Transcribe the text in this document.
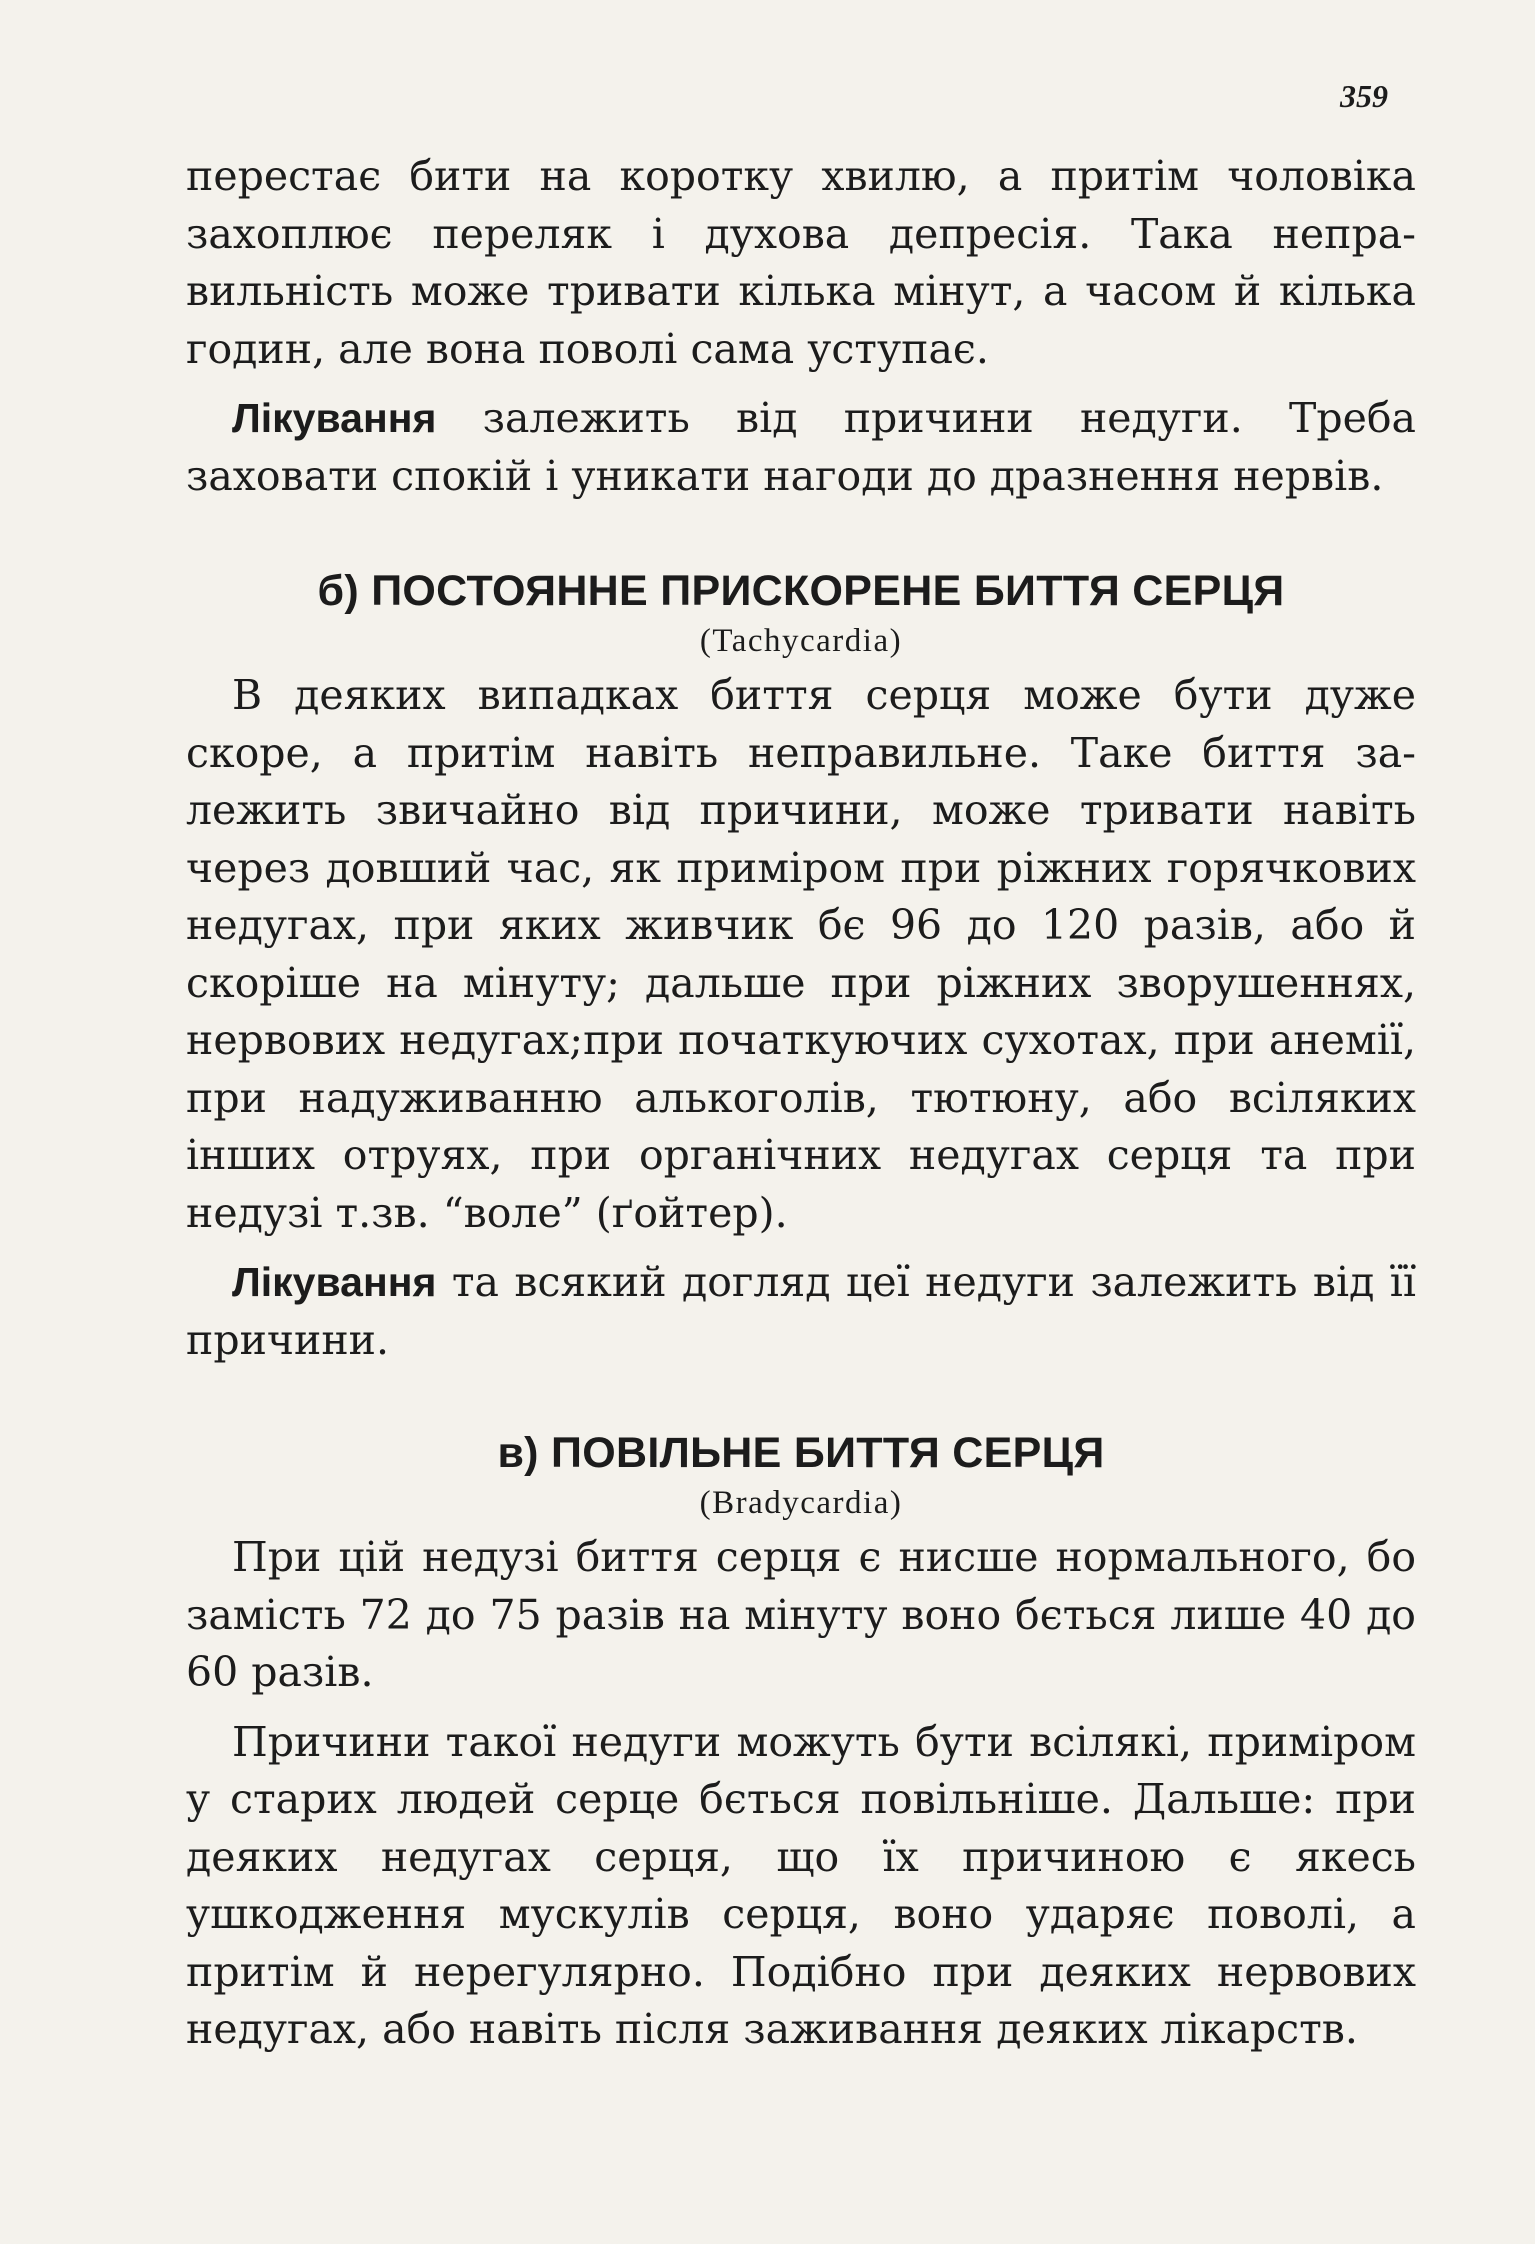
359

перестає бити на коротку хвилю, а притім чоловіка захоплює переляк і духова депресія. Така неправильність може тривати кілька мінут, а часом й кілька годин, але вона поволі сама уступає.

Лікування залежить від причини недуги. Треба заховати спокій і уникати нагоди до дразнення нервів.

б) ПОСТОЯННЕ ПРИСКОРЕНЕ БИТТЯ СЕРЦЯ

(Tachycardia)

В деяких випадках биття серця може бути дуже скоре, а притім навіть неправильне. Таке биття залежить звичайно від причини, може тривати навіть через довший час, як приміром при ріжних горячкових недугах, при яких живчик бє 96 до 120 разів, або й скоріше на мінуту; дальше при ріжних зворушеннях, нервових недугах;при початкуючих сухотах, при анемії, при надуживанню алькоголів, тютюну, або всіляких інших отруях, при органічних недугах серця та при недузі т.зв. “воле” (ґойтер).

Лікування та всякий догляд цеї недуги залежить від її причини.

в) ПОВІЛЬНЕ БИТТЯ СЕРЦЯ

(Bradycardia)

При цій недузі биття серця є нисше нормального, бо замість 72 до 75 разів на мінуту воно бється лише 40 до 60 разів.

Причини такої недуги можуть бути всілякі, приміром у старих людей серце бється повільніше. Дальше: при деяких недугах серця, що їх причиною є якесь ушкодження мускулів серця, воно ударяє поволі, а притім й нерегулярно. Подібно при деяких нервових недугах, або навіть після заживання деяких лікарств.
